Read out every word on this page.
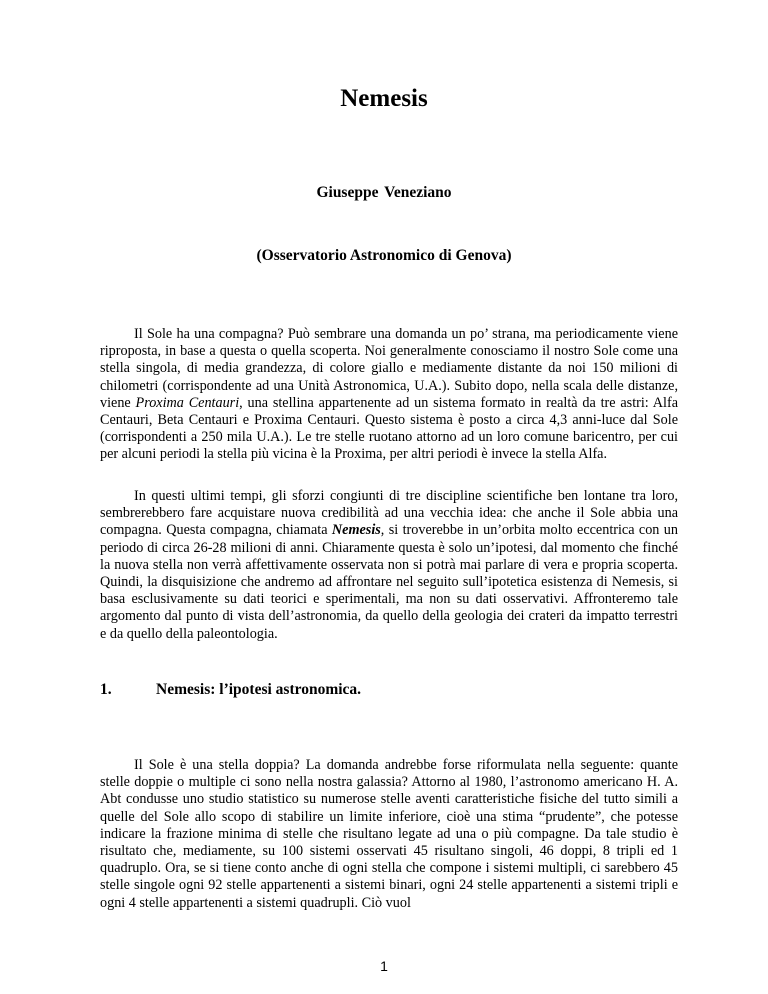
Nemesis
Giuseppe Veneziano
(Osservatorio Astronomico di Genova)

Il Sole ha una compagna? Può sembrare una domanda un po’ strana, ma periodicamente viene riproposta, in base a questa o quella scoperta. Noi generalmente conosciamo il nostro Sole come una stella singola, di media grandezza, di colore giallo e mediamente distante da noi 150 milioni di chilometri (corrispondente ad una Unità Astronomica, U.A.). Subito dopo, nella scala delle distanze, viene Proxima Centauri, una stellina appartenente ad un sistema formato in realtà da tre astri: Alfa Centauri, Beta Centauri e Proxima Centauri. Questo sistema è posto a circa 4,3 anni-luce dal Sole (corrispondenti a 250 mila U.A.). Le tre stelle ruotano attorno ad un loro comune baricentro, per cui per alcuni periodi la stella più vicina è la Proxima, per altri periodi è invece la stella Alfa.

In questi ultimi tempi, gli sforzi congiunti di tre discipline scientifiche ben lontane tra loro, sembrerebbero fare acquistare nuova credibilità ad una vecchia idea: che anche il Sole abbia una compagna. Questa compagna, chiamata Nemesis, si troverebbe in un’orbita molto eccentrica con un periodo di circa 26-28 milioni di anni. Chiaramente questa è solo un’ipotesi, dal momento che finché la nuova stella non verrà affettivamente osservata non si potrà mai parlare di vera e propria scoperta. Quindi, la disquisizione che andremo ad affrontare nel seguito sull’ipotetica esistenza di Nemesis, si basa esclusivamente su dati teorici e sperimentali, ma non su dati osservativi. Affronteremo tale argomento dal punto di vista dell’astronomia, da quello della geologia dei crateri da impatto terrestri e da quello della paleontologia.

1.	Nemesis: l’ipotesi astronomica.

Il Sole è una stella doppia? La domanda andrebbe forse riformulata nella seguente: quante stelle doppie o multiple ci sono nella nostra galassia? Attorno al 1980, l’astronomo americano H. A. Abt condusse uno studio statistico su numerose stelle aventi caratteristiche fisiche del tutto simili a quelle del Sole allo scopo di stabilire un limite inferiore, cioè una stima “prudente”, che potesse indicare la frazione minima di stelle che risultano legate ad una o più compagne. Da tale studio è risultato che, mediamente, su 100 sistemi osservati 45 risultano singoli, 46 doppi, 8 tripli ed 1 quadruplo. Ora, se si tiene conto anche di ogni stella che compone i sistemi multipli, ci sarebbero 45 stelle singole ogni 92 stelle appartenenti a sistemi binari, ogni 24 stelle appartenenti a sistemi tripli e ogni 4 stelle appartenenti a sistemi quadrupli. Ciò vuol

1
